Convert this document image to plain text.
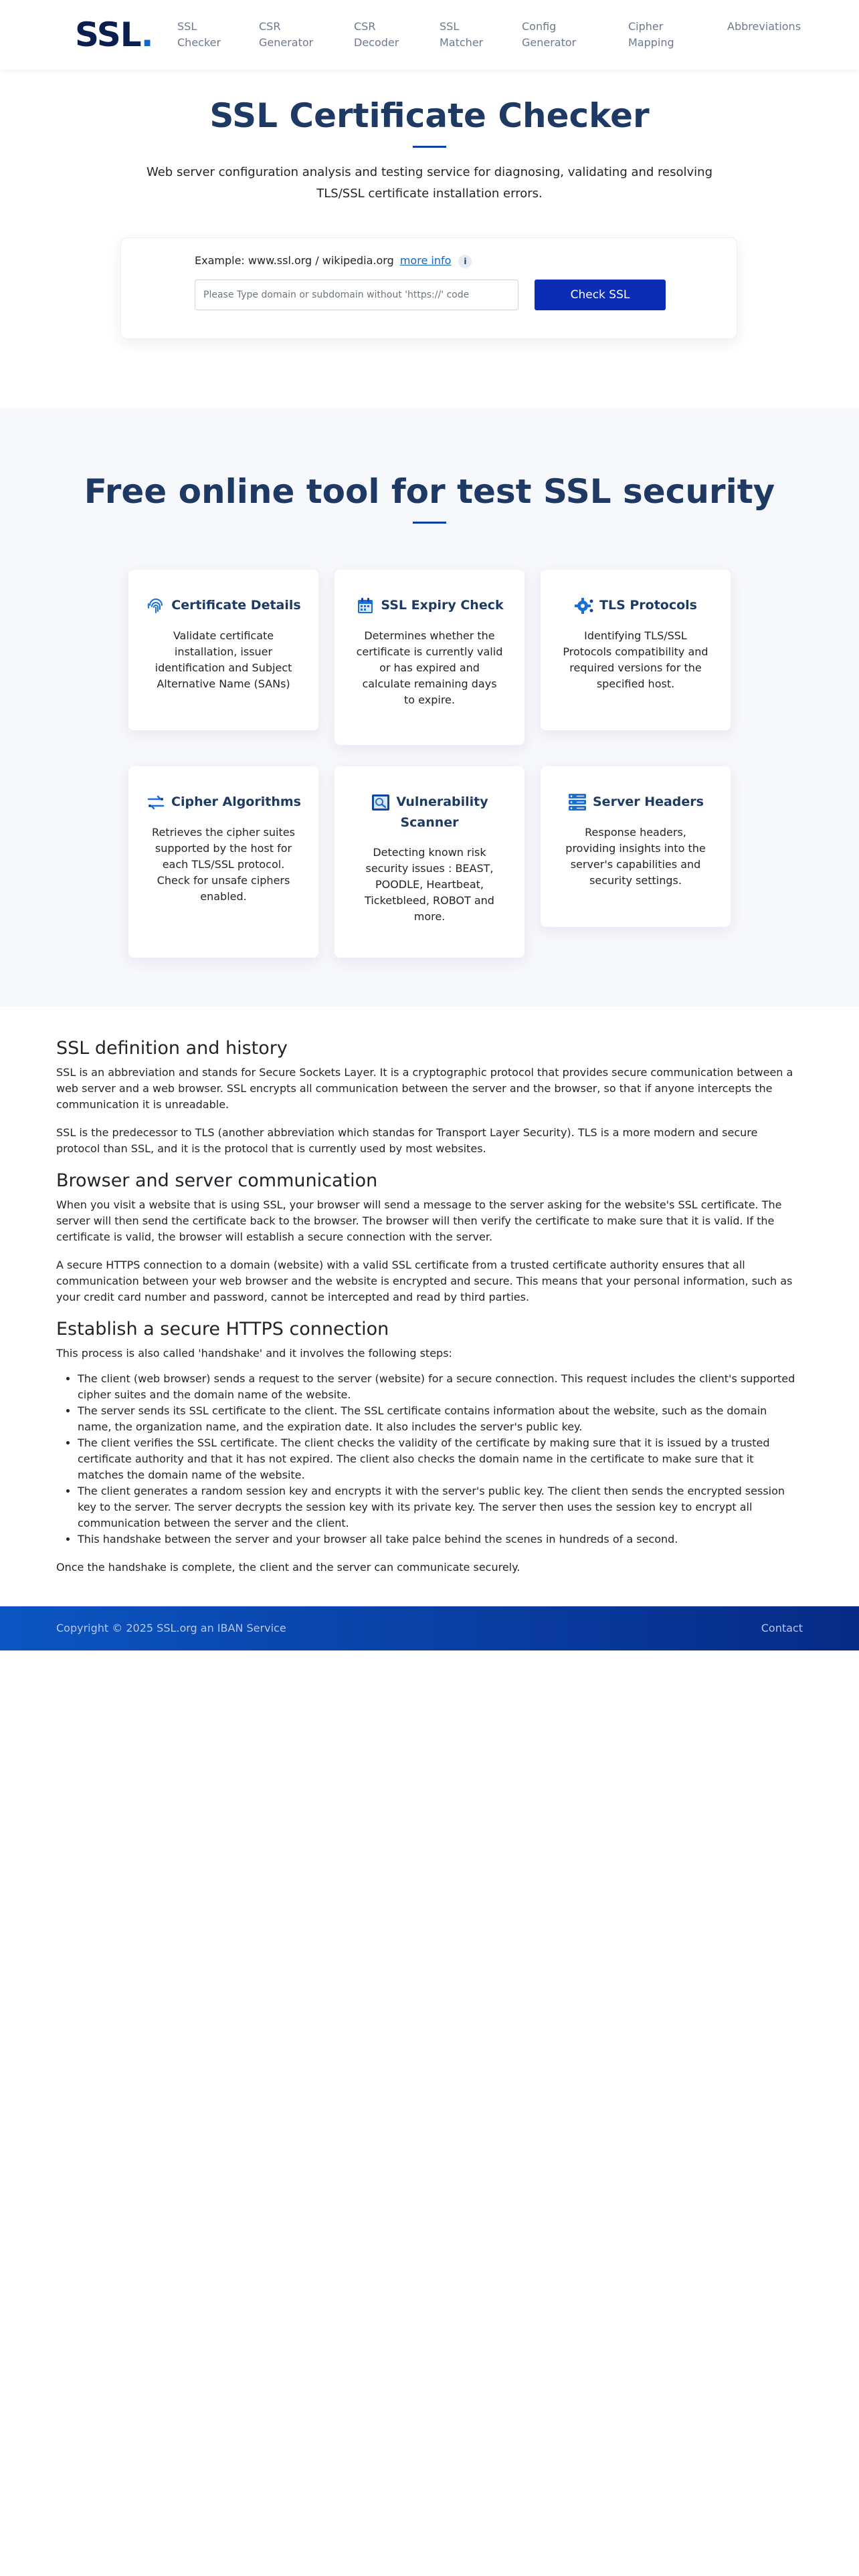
SSL. SSL
Checker
CSR
Generator
CSR
Decoder
SSL
Matcher
Config
Generator
Cipher
Mapping
Abbreviations
SSL Certificate Checker

Web server configuration analysis and testing service for diagnosing, validating and resolving TLS/SSL certificate installation errors.

Example: www.ssl.org / wikipedia.org more info i
Please Type domain or subdomain without 'https://' code
Check SSL
Free online tool for test SSL security
Certificate Details
Validate certificate installation, issuer identification and Subject Alternative Name (SANs)
SSL Expiry Check
Determines whether the certificate is currently valid or has expired and calculate remaining days to expire.
TLS Protocols
Identifying TLS/SSL Protocols compatibility and required versions for the specified host.
Cipher Algorithms
Retrieves the cipher suites supported by the host for each TLS/SSL protocol. Check for unsafe ciphers enabled.
Vulnerability Scanner
Detecting known risk security issues : BEAST, POODLE, Heartbeat, Ticketbleed, ROBOT and more.
Server Headers
Response headers, providing insights into the server's capabilities and security settings.
SSL definition and history

SSL is an abbreviation and stands for Secure Sockets Layer. It is a cryptographic protocol that provides secure communication between a web server and a web browser. SSL encrypts all communication between the server and the browser, so that if anyone intercepts the communication it is unreadable.

SSL is the predecessor to TLS (another abbreviation which standas for Transport Layer Security). TLS is a more modern and secure protocol than SSL, and it is the protocol that is currently used by most websites.

Browser and server communication

When you visit a website that is using SSL, your browser will send a message to the server asking for the website's SSL certificate. The server will then send the certificate back to the browser. The browser will then verify the certificate to make sure that it is valid. If the certificate is valid, the browser will establish a secure connection with the server.

A secure HTTPS connection to a domain (website) with a valid SSL certificate from a trusted certificate authority ensures that all communication between your web browser and the website is encrypted and secure. This means that your personal information, such as your credit card number and password, cannot be intercepted and read by third parties.

Establish a secure HTTPS connection

This process is also called 'handshake' and it involves the following steps:

• The client (web browser) sends a request to the server (website) for a secure connection. This request includes the client's supported cipher suites and the domain name of the website.
• The server sends its SSL certificate to the client. The SSL certificate contains information about the website, such as the domain name, the organization name, and the expiration date. It also includes the server's public key.
• The client verifies the SSL certificate. The client checks the validity of the certificate by making sure that it is issued by a trusted certificate authority and that it has not expired. The client also checks the domain name in the certificate to make sure that it matches the domain name of the website.
• The client generates a random session key and encrypts it with the server's public key. The client then sends the encrypted session key to the server. The server decrypts the session key with its private key. The server then uses the session key to encrypt all communication between the server and the client.
• This handshake between the server and your browser all take palce behind the scenes in hundreds of a second.

Once the handshake is complete, the client and the server can communicate securely.

Copyright © 2025 SSL.org an IBAN Service	Contact
